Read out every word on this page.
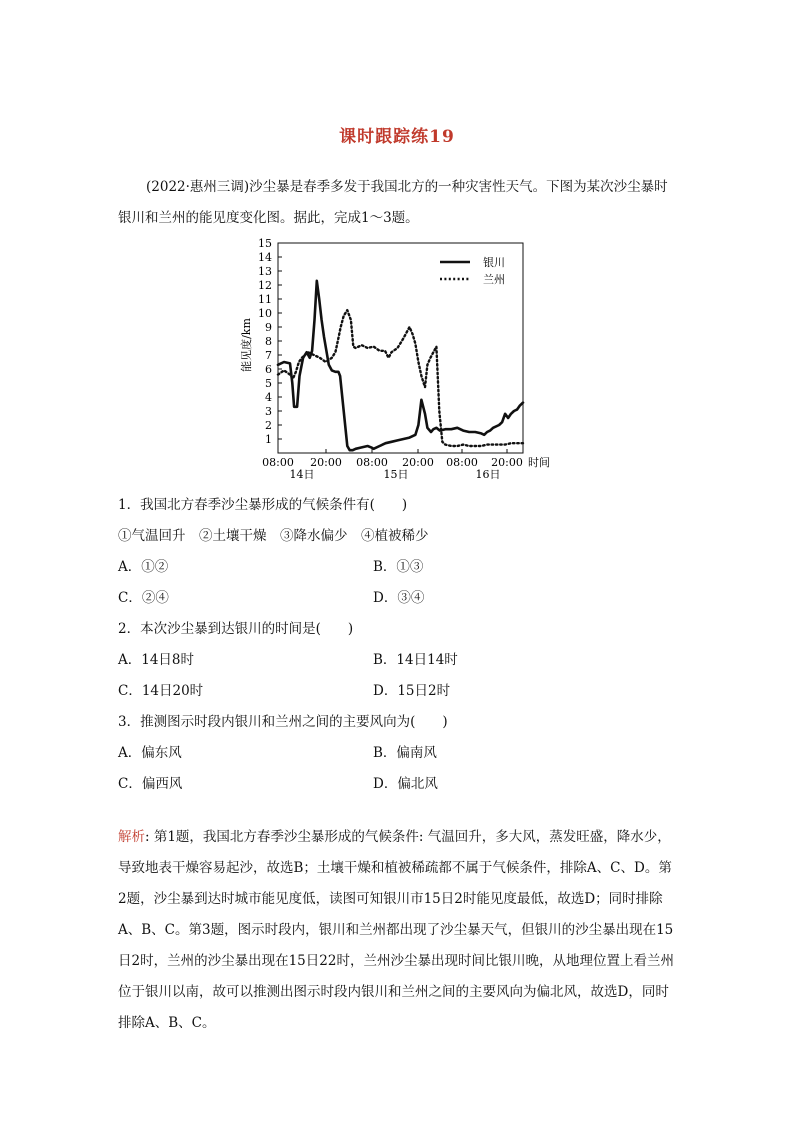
课时跟踪练19
(2022·惠州三调)沙尘暴是春季多发于我国北方的一种灾害性天气。下图为某次沙尘暴时银川和兰州的能见度变化图。据此，完成1～3题。
1
2
3
4
5
6
7
8
9
10
11
12
13
14
15
08:00 20:00 08:00 20:00 08:00 20:00
14日	15日	16日
银川
兰州
能见度/km
时间
1．我国北方春季沙尘暴形成的气候条件有(　　)
①气温回升　②土壤干燥　③降水偏少　④植被稀少
A．①②	B．①③
C．②④	D．③④
2．本次沙尘暴到达银川的时间是(　　)
A．14日8时	B．14日14时
C．14日20时	D．15日2时
3．推测图示时段内银川和兰州之间的主要风向为(　　)
A．偏东风	B．偏南风
C．偏西风	D．偏北风
解析: 第1题，我国北方春季沙尘暴形成的气候条件: 气温回升，多大风，蒸发旺盛，降水少，导致地表干燥容易起沙，故选B；土壤干燥和植被稀疏都不属于气候条件，排除A、C、D。第2题，沙尘暴到达时城市能见度低，读图可知银川市15日2时能见度最低，故选D；同时排除A、B、C。第3题，图示时段内，银川和兰州都出现了沙尘暴天气，但银川的沙尘暴出现在15日2时，兰州的沙尘暴出现在15日22时，兰州沙尘暴出现时间比银川晚，从地理位置上看兰州位于银川以南，故可以推测出图示时段内银川和兰州之间的主要风向为偏北风，故选D，同时排除A、B、C。
